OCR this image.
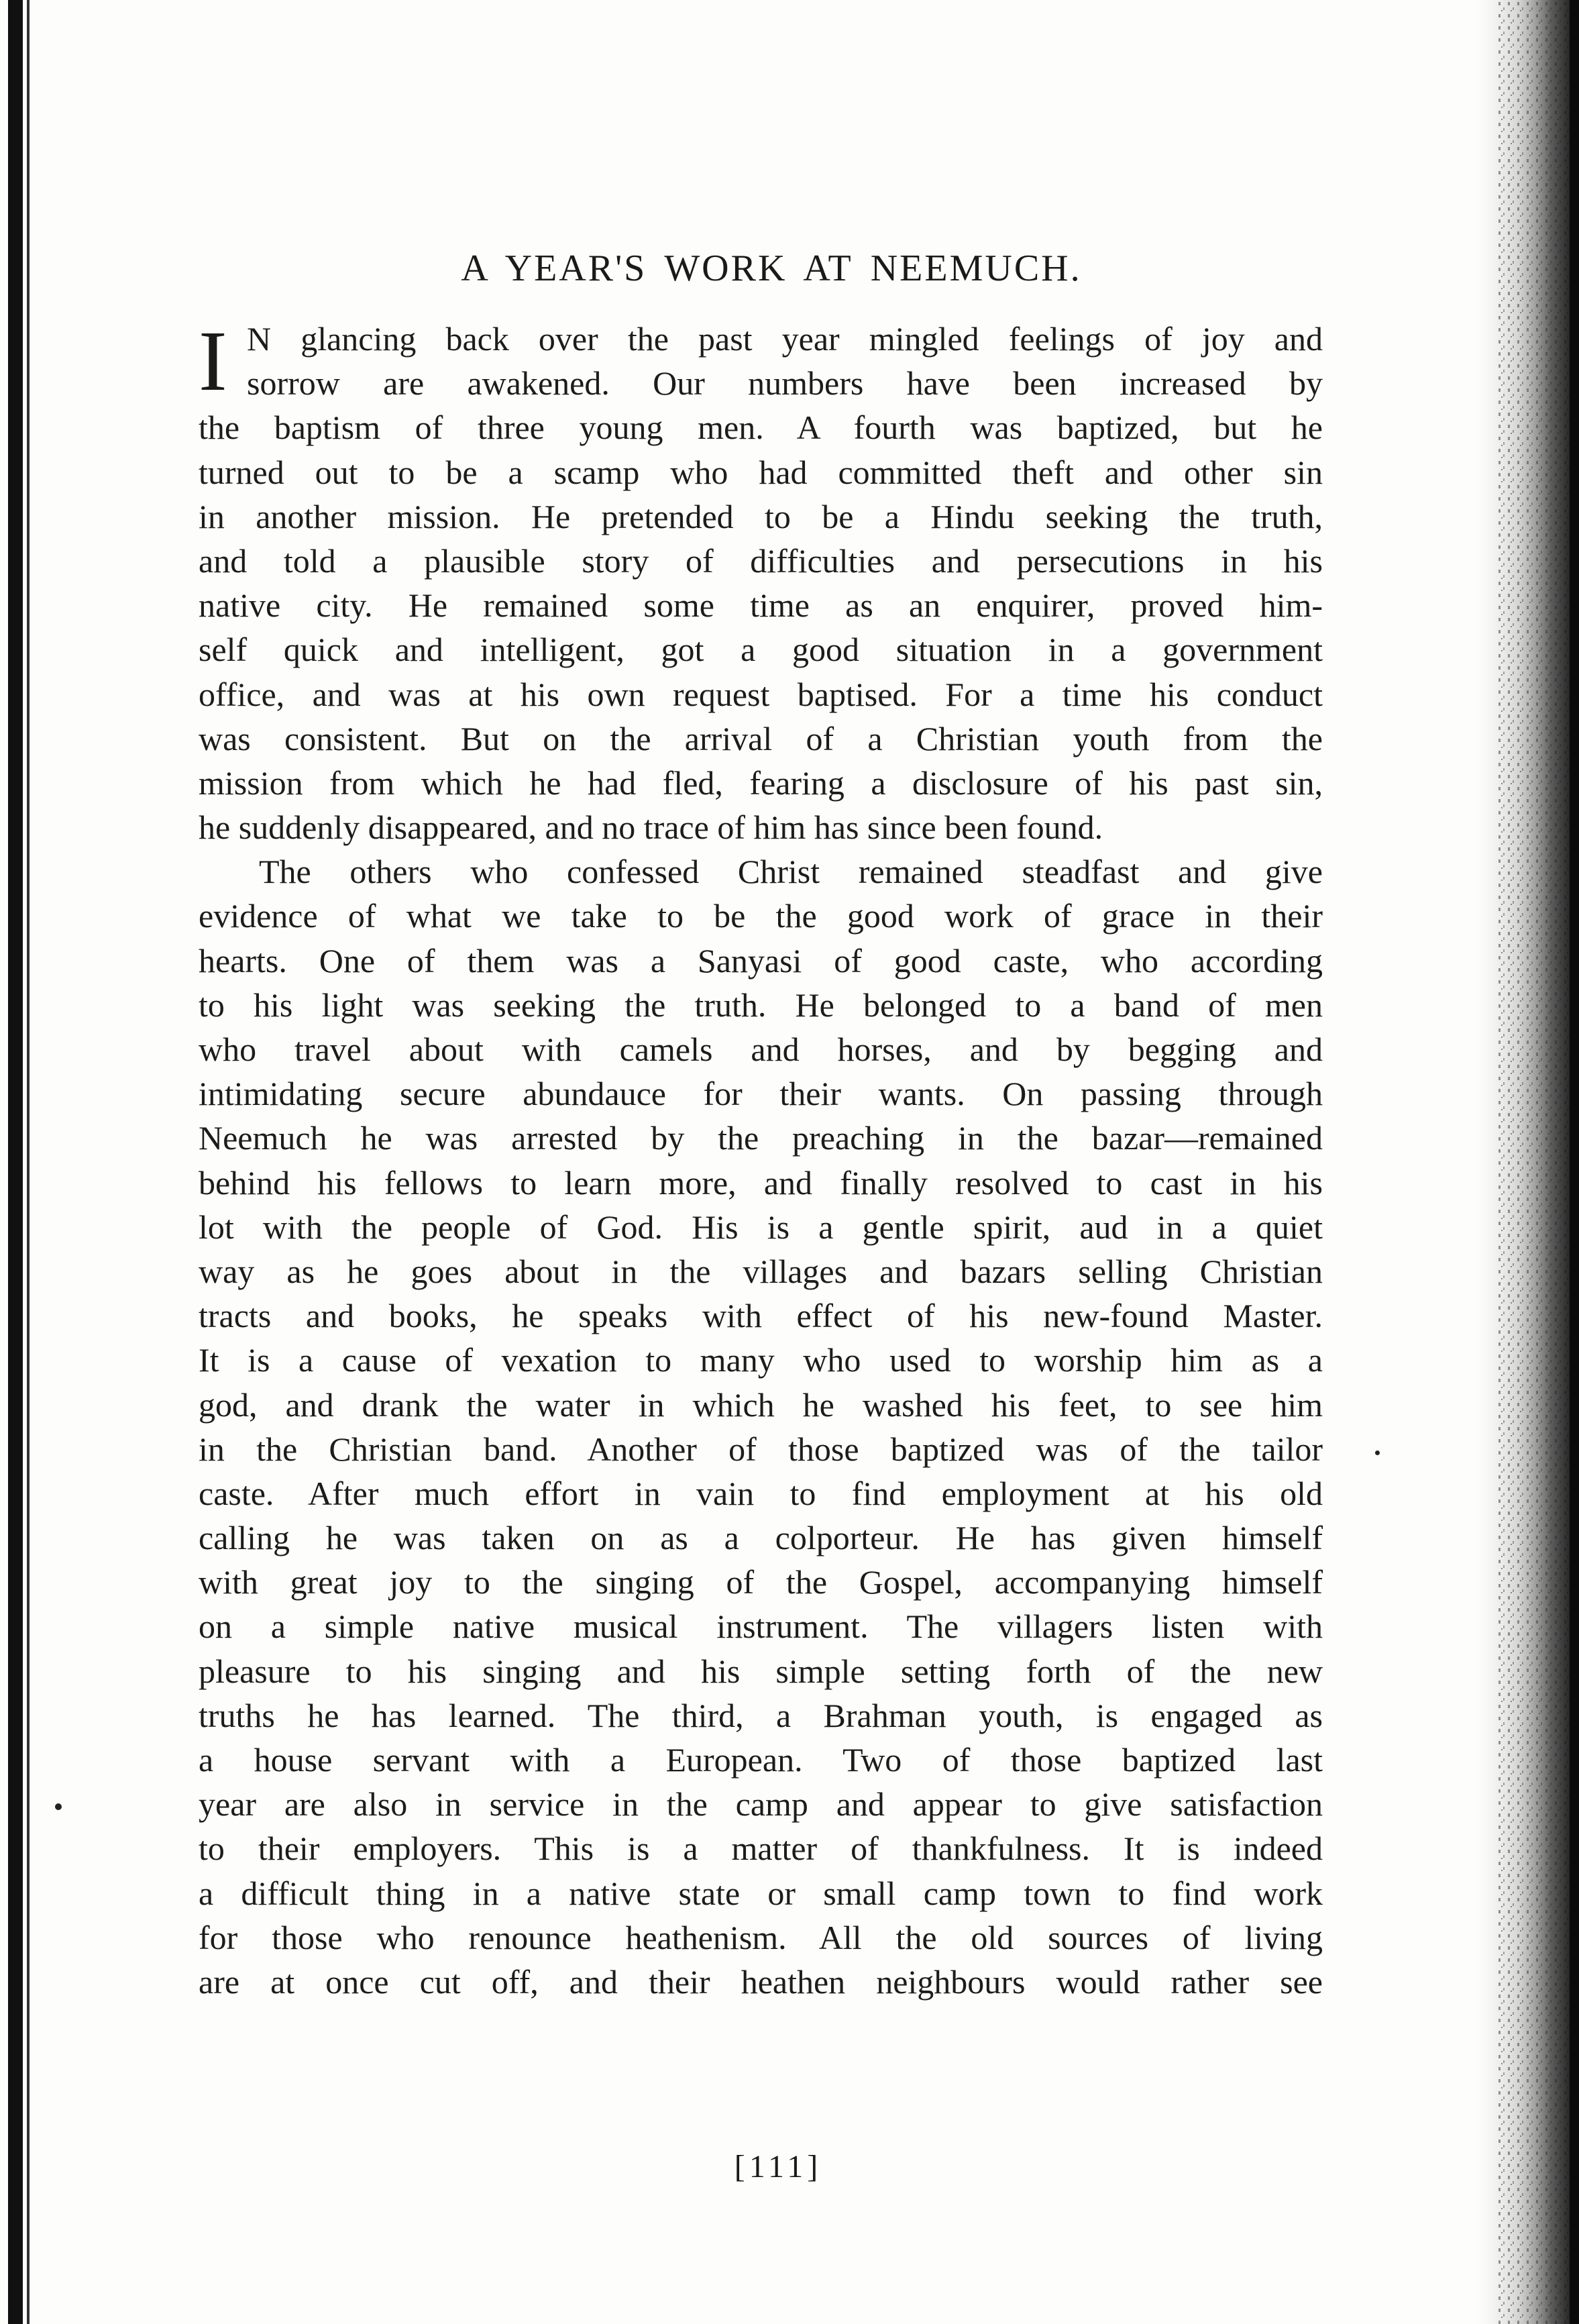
A YEAR'S WORK AT NEEMUCH.
I N glancing back over the past year mingled feelings of joy and
sorrow are awakened. Our numbers have been increased by
the baptism of three young men. A fourth was baptized, but he
turned out to be a scamp who had committed theft and other sin
in another mission. He pretended to be a Hindu seeking the truth,
and told a plausible story of difficulties and persecutions in his
native city. He remained some time as an enquirer, proved him-
self quick and intelligent, got a good situation in a government
office, and was at his own request baptised. For a time his conduct
was consistent. But on the arrival of a Christian youth from the
mission from which he had fled, fearing a disclosure of his past sin,
he suddenly disappeared, and no trace of him has since been found.
The others who confessed Christ remained steadfast and give
evidence of what we take to be the good work of grace in their
hearts. One of them was a Sanyasi of good caste, who according
to his light was seeking the truth. He belonged to a band of men
who travel about with camels and horses, and by begging and
intimidating secure abundauce for their wants. On passing through
Neemuch he was arrested by the preaching in the bazar—remained
behind his fellows to learn more, and finally resolved to cast in his
lot with the people of God. His is a gentle spirit, aud in a quiet
way as he goes about in the villages and bazars selling Christian
tracts and books, he speaks with effect of his new-found Master.
It is a cause of vexation to many who used to worship him as a
god, and drank the water in which he washed his feet, to see him
in the Christian band. Another of those baptized was of the tailor
caste. After much effort in vain to find employment at his old
calling he was taken on as a colporteur. He has given himself
with great joy to the singing of the Gospel, accompanying himself
on a simple native musical instrument. The villagers listen with
pleasure to his singing and his simple setting forth of the new
truths he has learned. The third, a Brahman youth, is engaged as
a house servant with a European. Two of those baptized last
year are also in service in the camp and appear to give satisfaction
to their employers. This is a matter of thankfulness. It is indeed
a difficult thing in a native state or small camp town to find work
for those who renounce heathenism. All the old sources of living
are at once cut off, and their heathen neighbours would rather see
[111]
